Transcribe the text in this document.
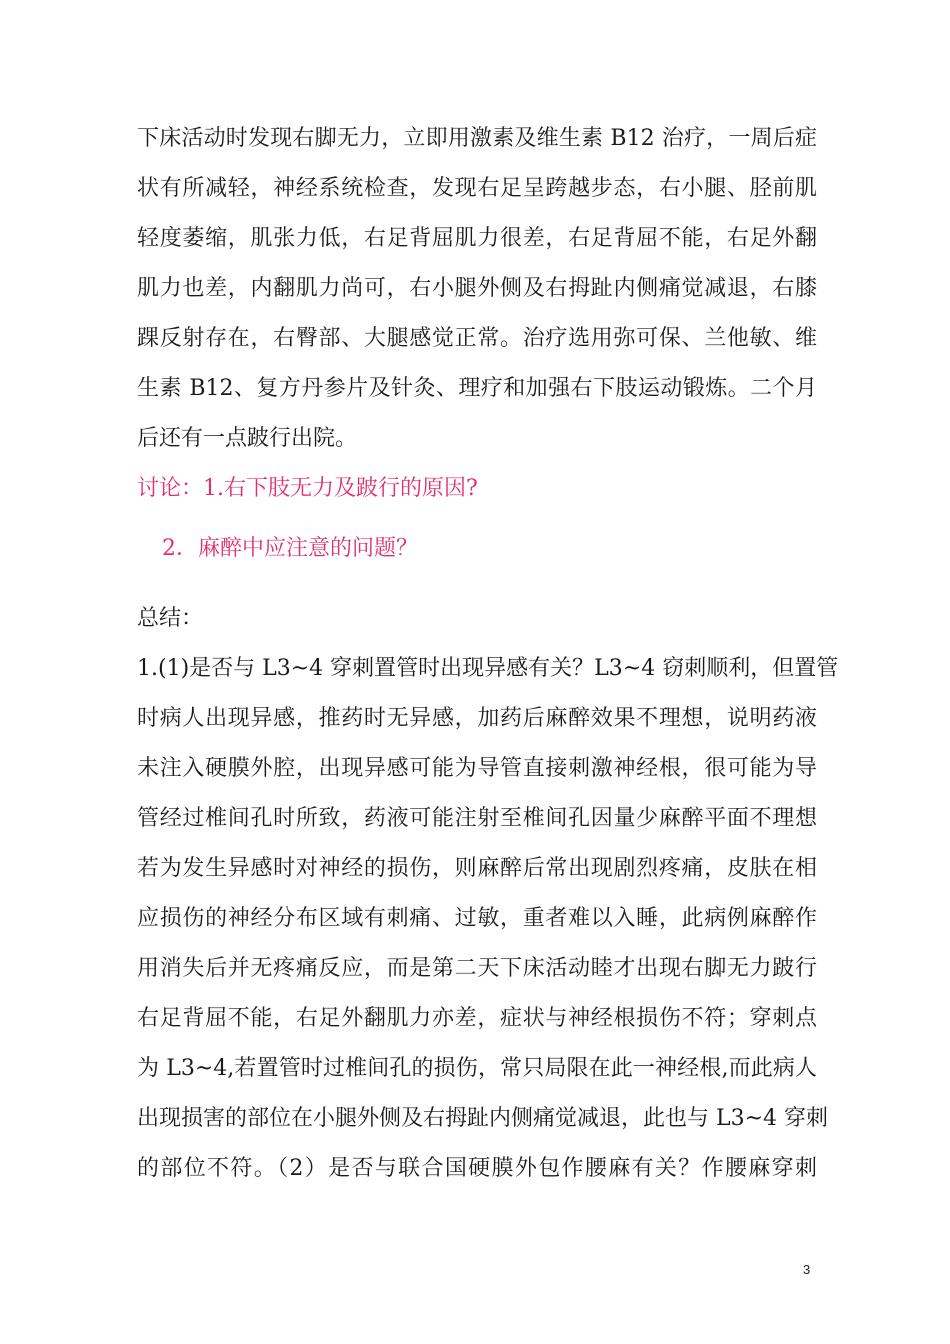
下床活动时发现右脚无力，立即用激素及维生素 B12 治疗，一周后症
状有所减轻，神经系统检查，发现右足呈跨越步态，右小腿、胫前肌
轻度萎缩，肌张力低，右足背屈肌力很差，右足背屈不能，右足外翻
肌力也差，内翻肌力尚可，右小腿外侧及右拇趾内侧痛觉减退，右膝
踝反射存在，右臀部、大腿感觉正常。治疗选用弥可保、兰他敏、维
生素 B12、复方丹参片及针灸、理疗和加强右下肢运动锻炼。二个月
后还有一点跛行出院。
讨论：1.右下肢无力及跛行的原因?
2．麻醉中应注意的问题？
总结：
1.(1)是否与 L3~4 穿刺置管时出现异感有关？L3~4 窃刺顺利，但置管
时病人出现异感，推药时无异感，加药后麻醉效果不理想，说明药液
未注入硬膜外腔，出现异感可能为导管直接刺激神经根，很可能为导
管经过椎间孔时所致，药液可能注射至椎间孔因量少麻醉平面不理想
若为发生异感时对神经的损伤，则麻醉后常出现剧烈疼痛，皮肤在相
应损伤的神经分布区域有刺痛、过敏，重者难以入睡，此病例麻醉作
用消失后并无疼痛反应，而是第二天下床活动睦才出现右脚无力跛行
右足背屈不能，右足外翻肌力亦差，症状与神经根损伤不符；穿刺点
为 L3~4,若置管时过椎间孔的损伤，常只局限在此一神经根,而此病人
出现损害的部位在小腿外侧及右拇趾内侧痛觉减退，此也与 L3~4 穿刺
的部位不符。（2）是否与联合国硬膜外包作腰麻有关？作腰麻穿刺
3
